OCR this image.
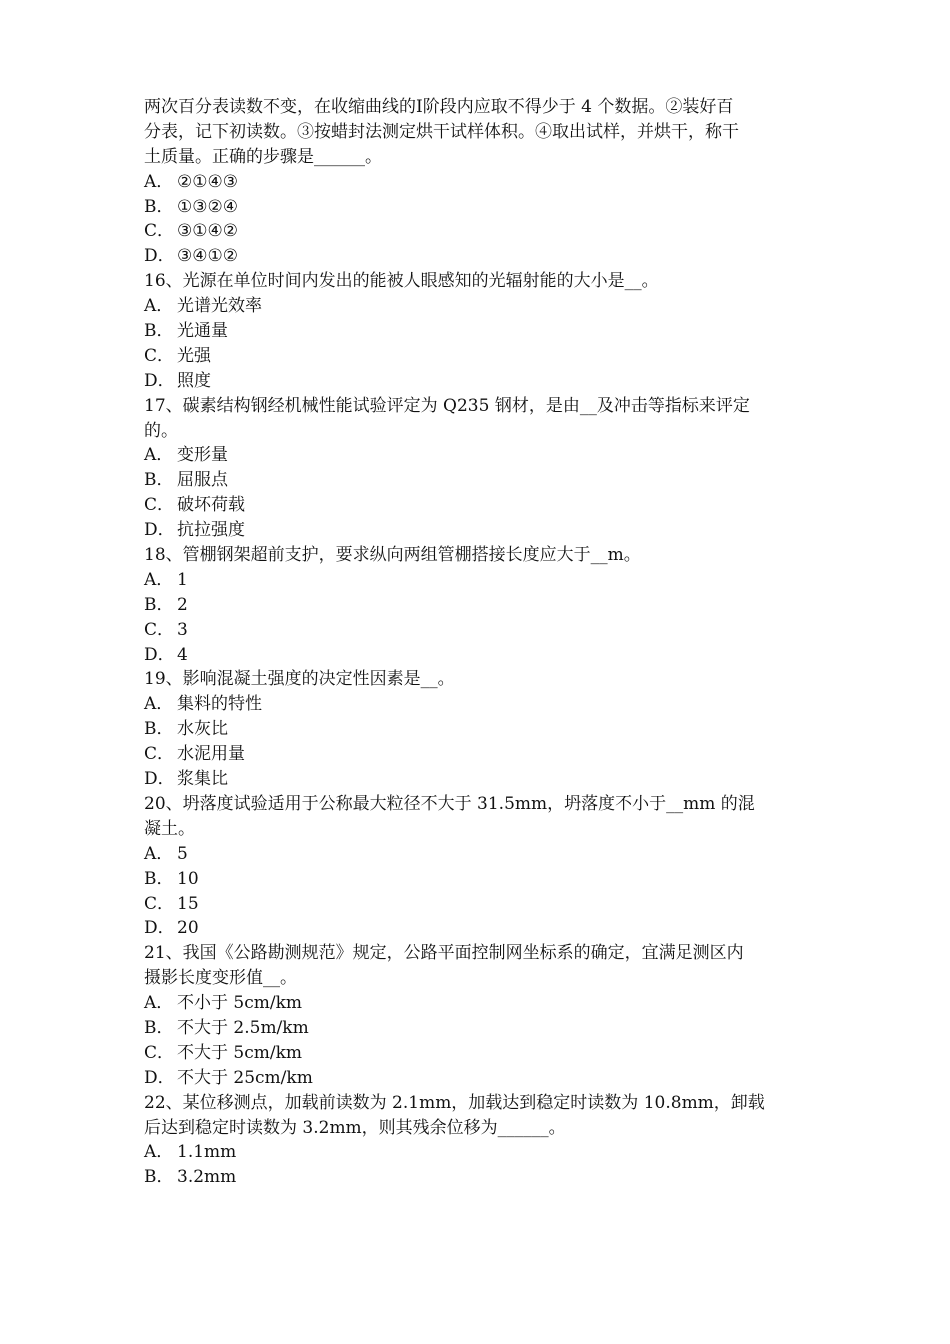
两次百分表读数不变，在收缩曲线的Ⅰ阶段内应取不得少于 4 个数据。②装好百
分表，记下初读数。③按蜡封法测定烘干试样体积。④取出试样，并烘干，称干
土质量。正确的步骤是______。
A． ②①④③
B． ①③②④
C． ③①④②
D． ③④①②
16、光源在单位时间内发出的能被人眼感知的光辐射能的大小是__。
A． 光谱光效率
B． 光通量
C． 光强
D． 照度
17、碳素结构钢经机械性能试验评定为 Q235 钢材，是由__及冲击等指标来评定
的。
A． 变形量
B． 屈服点
C． 破坏荷载
D． 抗拉强度
18、管棚钢架超前支护，要求纵向两组管棚搭接长度应大于__m。
A． 1
B． 2
C． 3
D． 4
19、影响混凝土强度的决定性因素是__。
A． 集料的特性
B． 水灰比
C． 水泥用量
D． 浆集比
20、坍落度试验适用于公称最大粒径不大于 31.5mm，坍落度不小于__mm 的混
凝土。
A． 5
B． 10
C． 15
D． 20
21、我国《公路勘测规范》规定，公路平面控制网坐标系的确定，宜满足测区内
摄影长度变形值__。
A． 不小于 5cm/km
B． 不大于 2.5m/km
C． 不大于 5cm/km
D． 不大于 25cm/km
22、某位移测点，加载前读数为 2.1mm，加载达到稳定时读数为 10.8mm，卸载
后达到稳定时读数为 3.2mm，则其残余位移为______。
A． 1.1mm
B． 3.2mm
